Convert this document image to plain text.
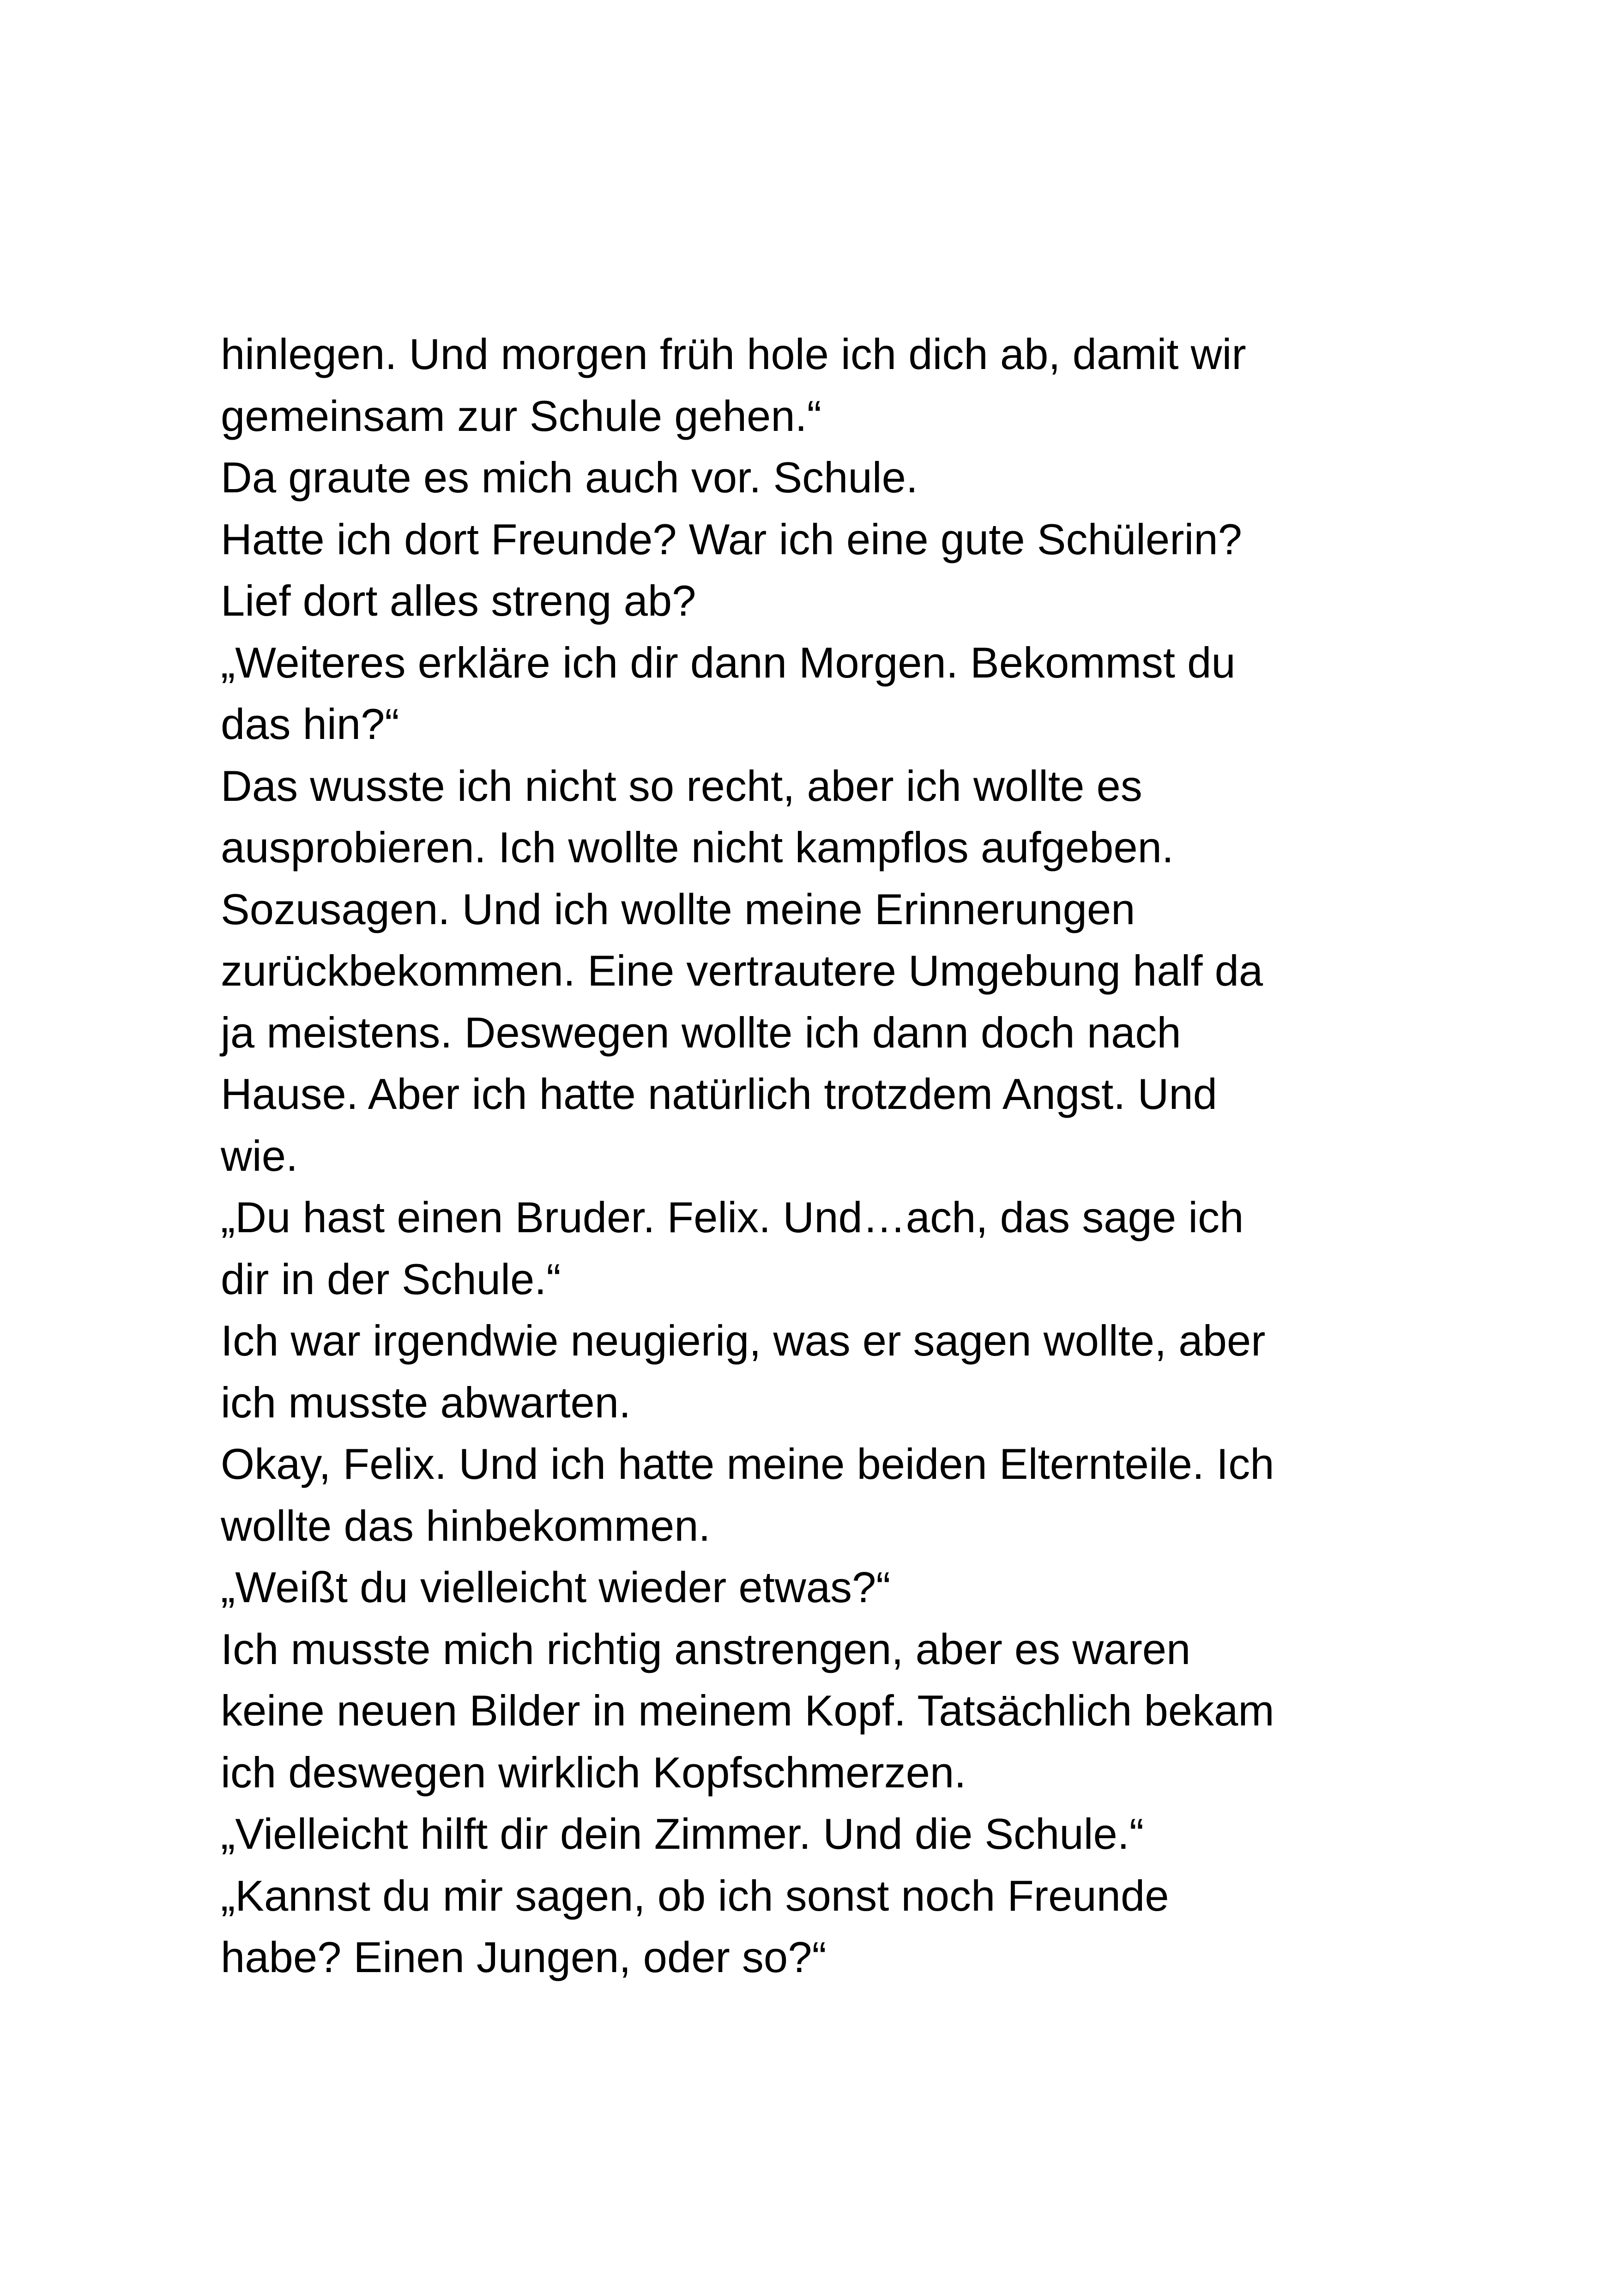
hinlegen. Und morgen früh hole ich dich ab, damit wir
gemeinsam zur Schule gehen.“
Da graute es mich auch vor. Schule.
Hatte ich dort Freunde? War ich eine gute Schülerin?
Lief dort alles streng ab?
„Weiteres erkläre ich dir dann Morgen. Bekommst du
das hin?“
Das wusste ich nicht so recht, aber ich wollte es
ausprobieren. Ich wollte nicht kampflos aufgeben.
Sozusagen. Und ich wollte meine Erinnerungen
zurückbekommen. Eine vertrautere Umgebung half da
ja meistens. Deswegen wollte ich dann doch nach
Hause. Aber ich hatte natürlich trotzdem Angst. Und
wie.
„Du hast einen Bruder. Felix. Und…ach, das sage ich
dir in der Schule.“
Ich war irgendwie neugierig, was er sagen wollte, aber
ich musste abwarten.
Okay, Felix. Und ich hatte meine beiden Elternteile. Ich
wollte das hinbekommen.
„Weißt du vielleicht wieder etwas?“
Ich musste mich richtig anstrengen, aber es waren
keine neuen Bilder in meinem Kopf. Tatsächlich bekam
ich deswegen wirklich Kopfschmerzen.
„Vielleicht hilft dir dein Zimmer. Und die Schule.“
„Kannst du mir sagen, ob ich sonst noch Freunde
habe? Einen Jungen, oder so?“
